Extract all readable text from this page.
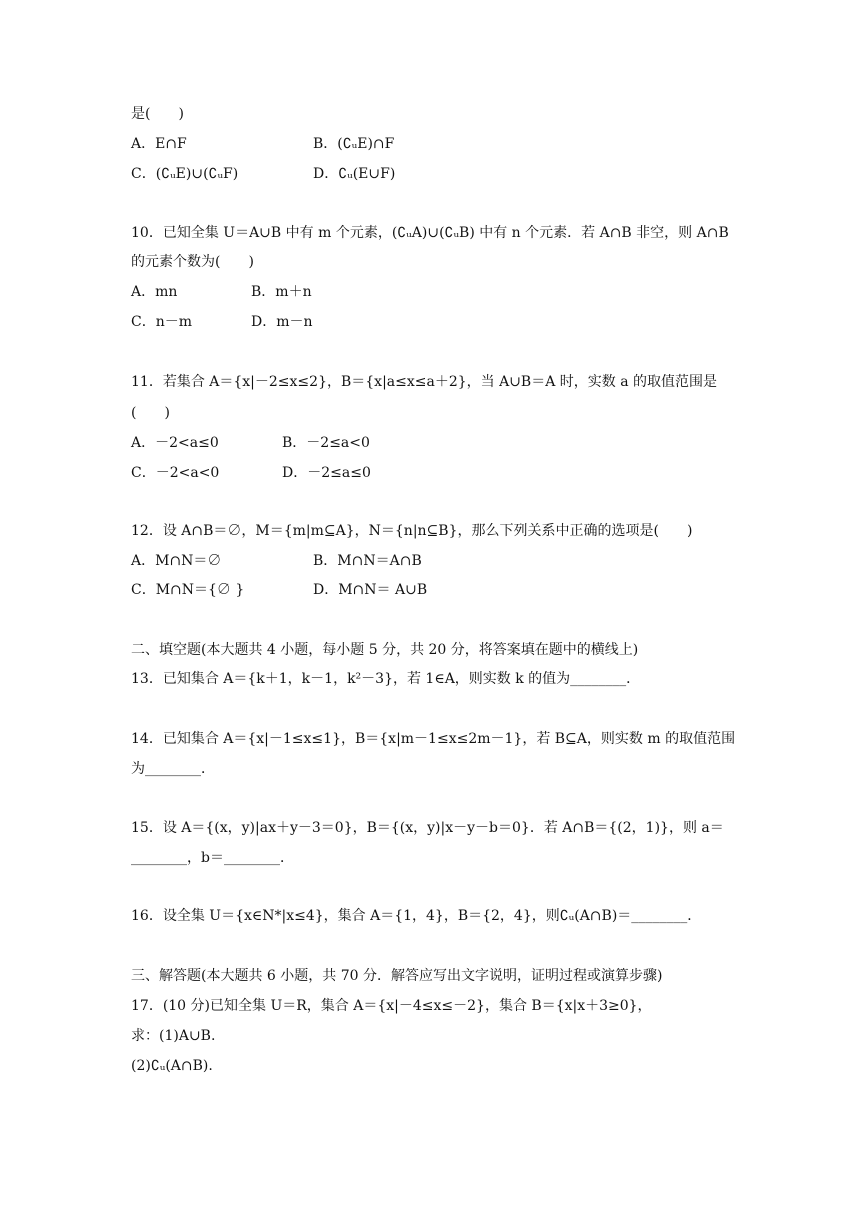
是(　　)
A．E∩F	B．(∁ᵤE)∩F
C．(∁ᵤE)∪(∁ᵤF)	D．∁ᵤ(E∪F)
10．已知全集 U＝A∪B 中有 m 个元素，(∁ᵤA)∪(∁ᵤB) 中有 n 个元素．若 A∩B 非空，则 A∩B
的元素个数为(　　)
A．mn	B．m＋n
C．n－m	D．m－n
11．若集合 A＝{x|－2≤x≤2}，B＝{x|a≤x≤a＋2}，当 A∪B＝A 时，实数 a 的取值范围是
(　　)
A．－2<a≤0	B．－2≤a<0
C．－2<a<0	D．－2≤a≤0
12．设 A∩B＝∅，M＝{m|m⊆A}，N＝{n|n⊆B}，那么下列关系中正确的选项是(　　)
A．M∩N＝∅	B．M∩N＝A∩B
C．M∩N＝{∅ }	D．M∩N＝ A∪B
二、填空题(本大题共 4 小题，每小题 5 分，共 20 分，将答案填在题中的横线上)
13．已知集合 A＝{k＋1，k－1，k²－3}，若 1∈A，则实数 k 的值为________．
14．已知集合 A＝{x|－1≤x≤1}，B＝{x|m－1≤x≤2m－1}，若 B⊆A，则实数 m 的取值范围
为________．
15．设 A＝{(x，y)|ax＋y－3＝0}，B＝{(x，y)|x－y－b＝0}．若 A∩B＝{(2，1)}，则 a＝
________，b＝________．
16．设全集 U＝{x∈N*|x≤4}，集合 A＝{1，4}，B＝{2，4}，则∁ᵤ(A∩B)＝________．
三、解答题(本大题共 6 小题，共 70 分．解答应写出文字说明，证明过程或演算步骤)
17．(10 分)已知全集 U＝R，集合 A＝{x|－4≤x≤－2}，集合 B＝{x|x＋3≥0}，
求：(1)A∪B.
(2)∁ᵤ(A∩B).
